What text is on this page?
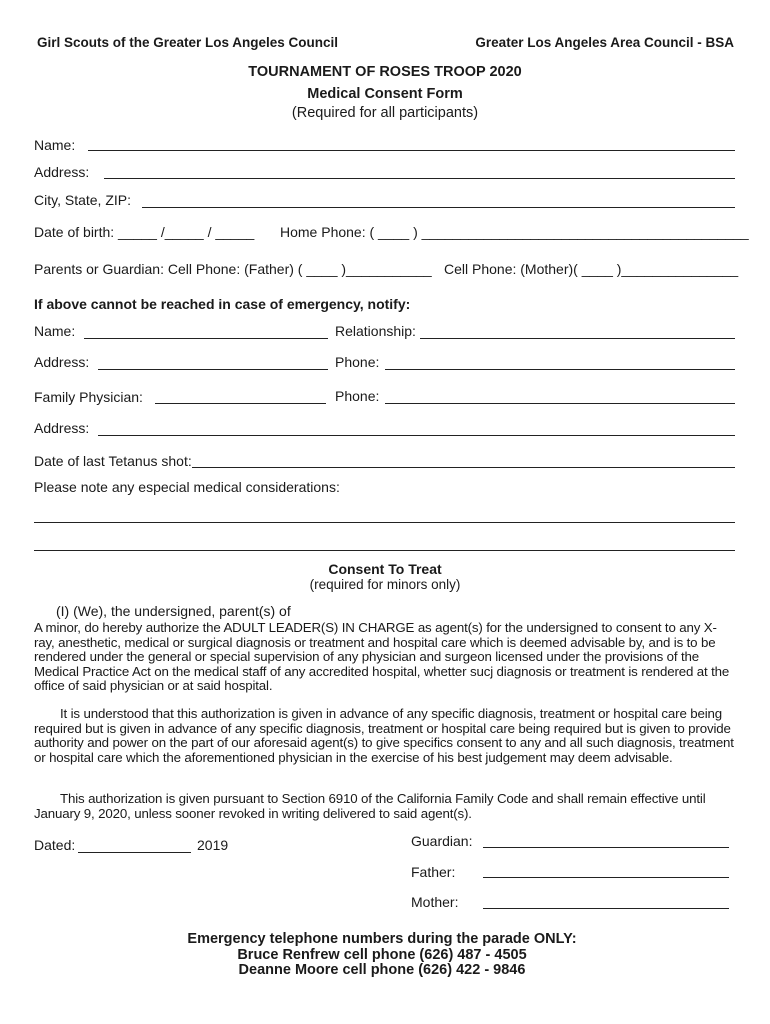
Girl Scouts of the Greater Los Angeles Council	Greater Los Angeles Area Council - BSA
TOURNAMENT OF ROSES TROOP 2020
Medical Consent Form
(Required for all participants)
Name:
Address:
City, State, ZIP:
Date of birth: _____ /_____ / _____ Home Phone: ( ____ ) __________________________________________
Parents or Guardian: Cell Phone: (Father) ( ____ )___________ Cell Phone: (Mother)( ____ )_______________
If above cannot be reached in case of emergency, notify:
Name:	Relationship:
Address:	Phone:
Family Physician:	Phone:
Address:
Date of last Tetanus shot:
Please note any especial medical considerations:
Consent To Treat
(required for minors only)
(I) (We), the undersigned, parent(s) of
A minor, do hereby authorize the ADULT LEADER(S) IN CHARGE as agent(s) for the undersigned to consent to any X-ray, anesthetic, medical or surgical diagnosis or treatment and hospital care which is deemed advisable by, and is to be rendered under the general or special supervision of any physician and surgeon licensed under the provisions of the Medical Practice Act on the medical staff of any accredited hospital, whetter sucj diagnosis or treatment is rendered at the office of said physician or at said hospital.
It is understood that this authorization is given in advance of any specific diagnosis, treatment or hospital care being required but is given in advance of any specific diagnosis, treatment or hospital care being required but is given to provide authority and power on the part of our aforesaid agent(s) to give specifics consent to any and all such diagnosis, treatment or hospital care which the aforementioned physician in the exercise of his best judgement may deem advisable.
This authorization is given pursuant to Section 6910 of the California Family Code and shall remain effective until January 9, 2020, unless sooner revoked in writing delivered to said agent(s).
Dated:	2019	Guardian:
Father:
Mother:
Emergency telephone numbers during the parade ONLY:
Bruce Renfrew cell phone (626) 487 - 4505
Deanne Moore cell phone (626) 422 - 9846
